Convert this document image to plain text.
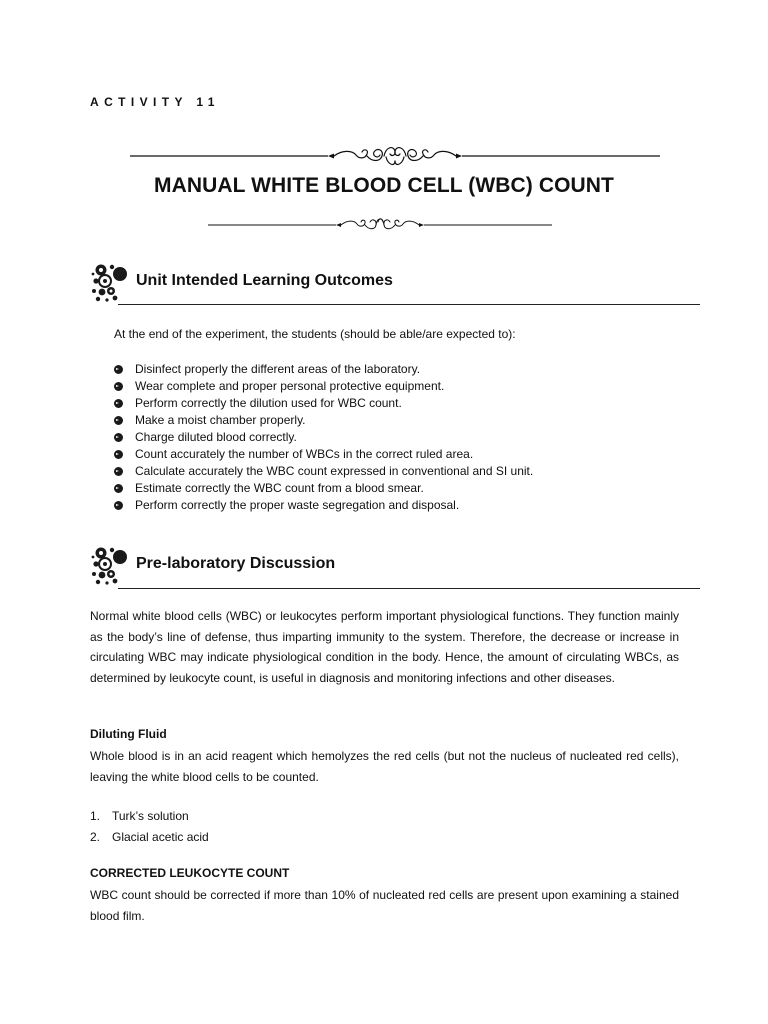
ACTIVITY 11
MANUAL WHITE BLOOD CELL (WBC) COUNT
Unit Intended Learning Outcomes
At the end of the experiment, the students (should be able/are expected to):
Disinfect properly the different areas of the laboratory.
Wear complete and proper personal protective equipment.
Perform correctly the dilution used for WBC count.
Make a moist chamber properly.
Charge diluted blood correctly.
Count accurately the number of WBCs in the correct ruled area.
Calculate accurately the WBC count expressed in conventional and SI unit.
Estimate correctly the WBC count from a blood smear.
Perform correctly the proper waste segregation and disposal.
Pre-laboratory Discussion
Normal white blood cells (WBC) or leukocytes perform important physiological functions. They function mainly as the body’s line of defense, thus imparting immunity to the system. Therefore, the decrease or increase in circulating WBC may indicate physiological condition in the body. Hence, the amount of circulating WBCs, as determined by leukocyte count, is useful in diagnosis and monitoring infections and other diseases.
Diluting Fluid
Whole blood is in an acid reagent which hemolyzes the red cells (but not the nucleus of nucleated red cells), leaving the white blood cells to be counted.
1. Turk’s solution
2. Glacial acetic acid
CORRECTED LEUKOCYTE COUNT
WBC count should be corrected if more than 10% of nucleated red cells are present upon examining a stained blood film.
